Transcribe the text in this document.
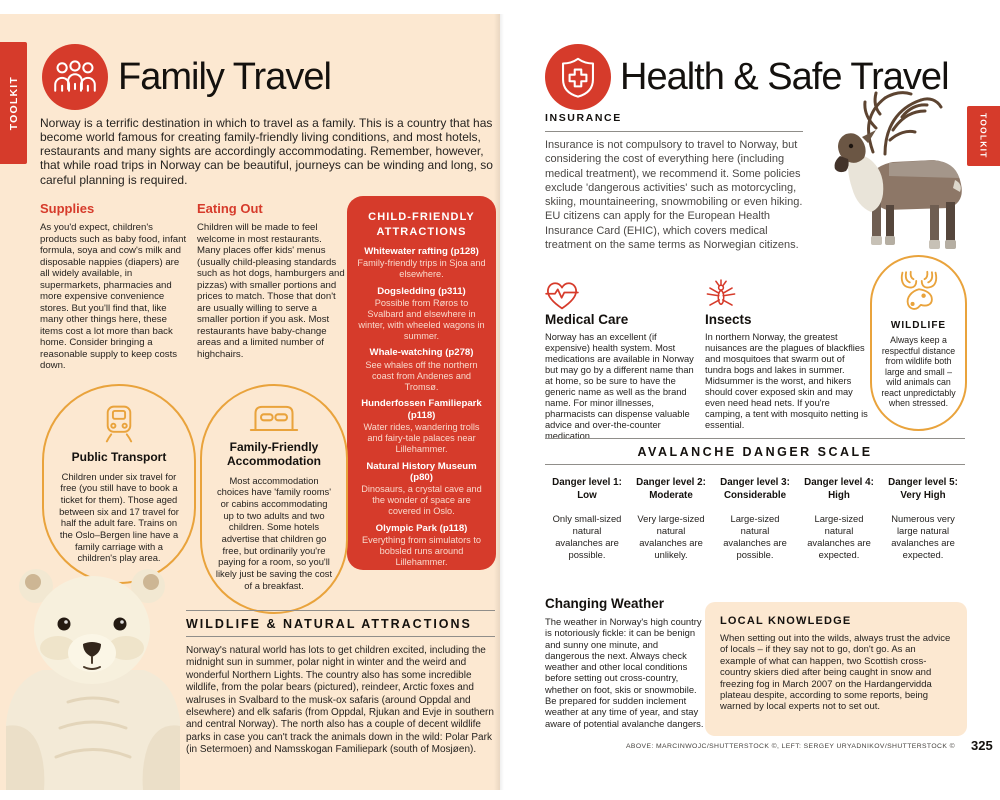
TOOLKIT	Family Travel

Norway is a terrific destination in which to travel as a family. This is a country that has become world famous for creating family-friendly living conditions, and most hotels, restaurants and many sights are accordingly accommodating. Remember, however, that while road trips in Norway can be beautiful, journeys can be winding and long, so careful planning is required.

Supplies

As you'd expect, children's products such as baby food, infant formula, soya and cow's milk and disposable nappies (diapers) are all widely available, in supermarkets, pharmacies and more expensive convenience stores. But you'll find that, like many other things here, these items cost a lot more than back home. Consider bringing a reasonable supply to keep costs down.

Eating Out

Children will be made to feel welcome in most restaurants. Many places offer kids' menus (usually child-pleasing standards such as hot dogs, hamburgers and pizzas) with smaller portions and prices to match. Those that don't are usually willing to serve a smaller portion if you ask. Most restaurants have baby-change areas and a limited number of highchairs.

CHILD-FRIENDLY ATTRACTIONS
Whitewater rafting (p128)
Family-friendly trips in Sjoa and elsewhere.
Dogsledding (p311)
Possible from Røros to Svalbard and elsewhere in winter, with wheeled wagons in summer.
Whale-watching (p278)
See whales off the northern coast from Andenes and Tromsø.
Hunderfossen Familiepark (p118)
Water rides, wandering trolls and fairy-tale palaces near Lillehammer.
Natural History Museum (p80)
Dinosaurs, a crystal cave and the wonder of space are covered in Oslo.
Olympic Park (p118)
Everything from simulators to bobsled runs around Lillehammer.
Public Transport

Children under six travel for free (you still have to book a ticket for them). Those aged between six and 17 travel for half the adult fare. Trains on the Oslo–Bergen line have a family carriage with a children's play area.

Family-Friendly Accommodation

Most accommodation choices have 'family rooms' or cabins accommodating up to two adults and two children. Some hotels advertise that children go free, but ordinarily you're paying for a room, so you'll likely just be saving the cost of a breakfast.

WILDLIFE & NATURAL ATTRACTIONS

Norway's natural world has lots to get children excited, including the midnight sun in summer, polar night in winter and the weird and wonderful Northern Lights. The country also has some incredible wildlife, from the polar bears (pictured), reindeer, Arctic foxes and walruses in Svalbard to the musk-ox safaris (around Oppdal and elsewhere) and elk safaris (from Oppdal, Rjukan and Evje in southern and central Norway). The north also has a couple of decent wildlife parks in case you can't track the animals down in the wild: Polar Park (in Setermoen) and Namsskogan Familiepark (south of Mosjøen).

TOOLKIT
Health & Safe Travel
INSURANCE

Insurance is not compulsory to travel to Norway, but considering the cost of everything here (including medical treatment), we recommend it. Some policies exclude 'dangerous activities' such as motorcycling, skiing, mountaineering, snowmobiling or even hiking. EU citizens can apply for the European Health Insurance Card (EHIC), which covers medical treatment on the same terms as Norwegian citizens.

Medical Care

Norway has an excellent (if expensive) health system. Most medications are available in Norway but may go by a different name than at home, so be sure to have the generic name as well as the brand name. For minor illnesses, pharmacists can dispense valuable advice and over-the-counter medication.

Insects

In northern Norway, the greatest nuisances are the plagues of blackflies and mosquitoes that swarm out of tundra bogs and lakes in summer. Midsummer is the worst, and hikers should cover exposed skin and may even need head nets. If you're camping, a tent with mosquito netting is essential.

WILDLIFE

Always keep a respectful distance from wildlife both large and small – wild animals can react unpredictably when stressed.

AVALANCHE DANGER SCALE
Danger level 1:
Low
Only small-sized natural avalanches are possible.
Danger level 2:
Moderate
Very large-sized natural avalanches are unlikely.
Danger level 3:
Considerable
Large-sized natural avalanches are possible.
Danger level 4:
High
Large-sized natural avalanches are expected.
Danger level 5:
Very High
Numerous very large natural avalanches are expected.
Changing Weather

The weather in Norway's high country is notoriously fickle: it can be benign and sunny one minute, and dangerous the next. Always check weather and other local conditions before setting out cross-country, whether on foot, skis or snowmobile. Be prepared for sudden inclement weather at any time of year, and stay aware of potential avalanche dangers.

LOCAL KNOWLEDGE

When setting out into the wilds, always trust the advice of locals – if they say not to go, don't go. As an example of what can happen, two Scottish cross-country skiers died after being caught in snow and freezing fog in March 2007 on the Hardangervidda plateau despite, according to some reports, being warned by local experts not to set out.

ABOVE: MARCINWOJC/SHUTTERSTOCK ©, LEFT: SERGEY URYADNIKOV/SHUTTERSTOCK © 325
